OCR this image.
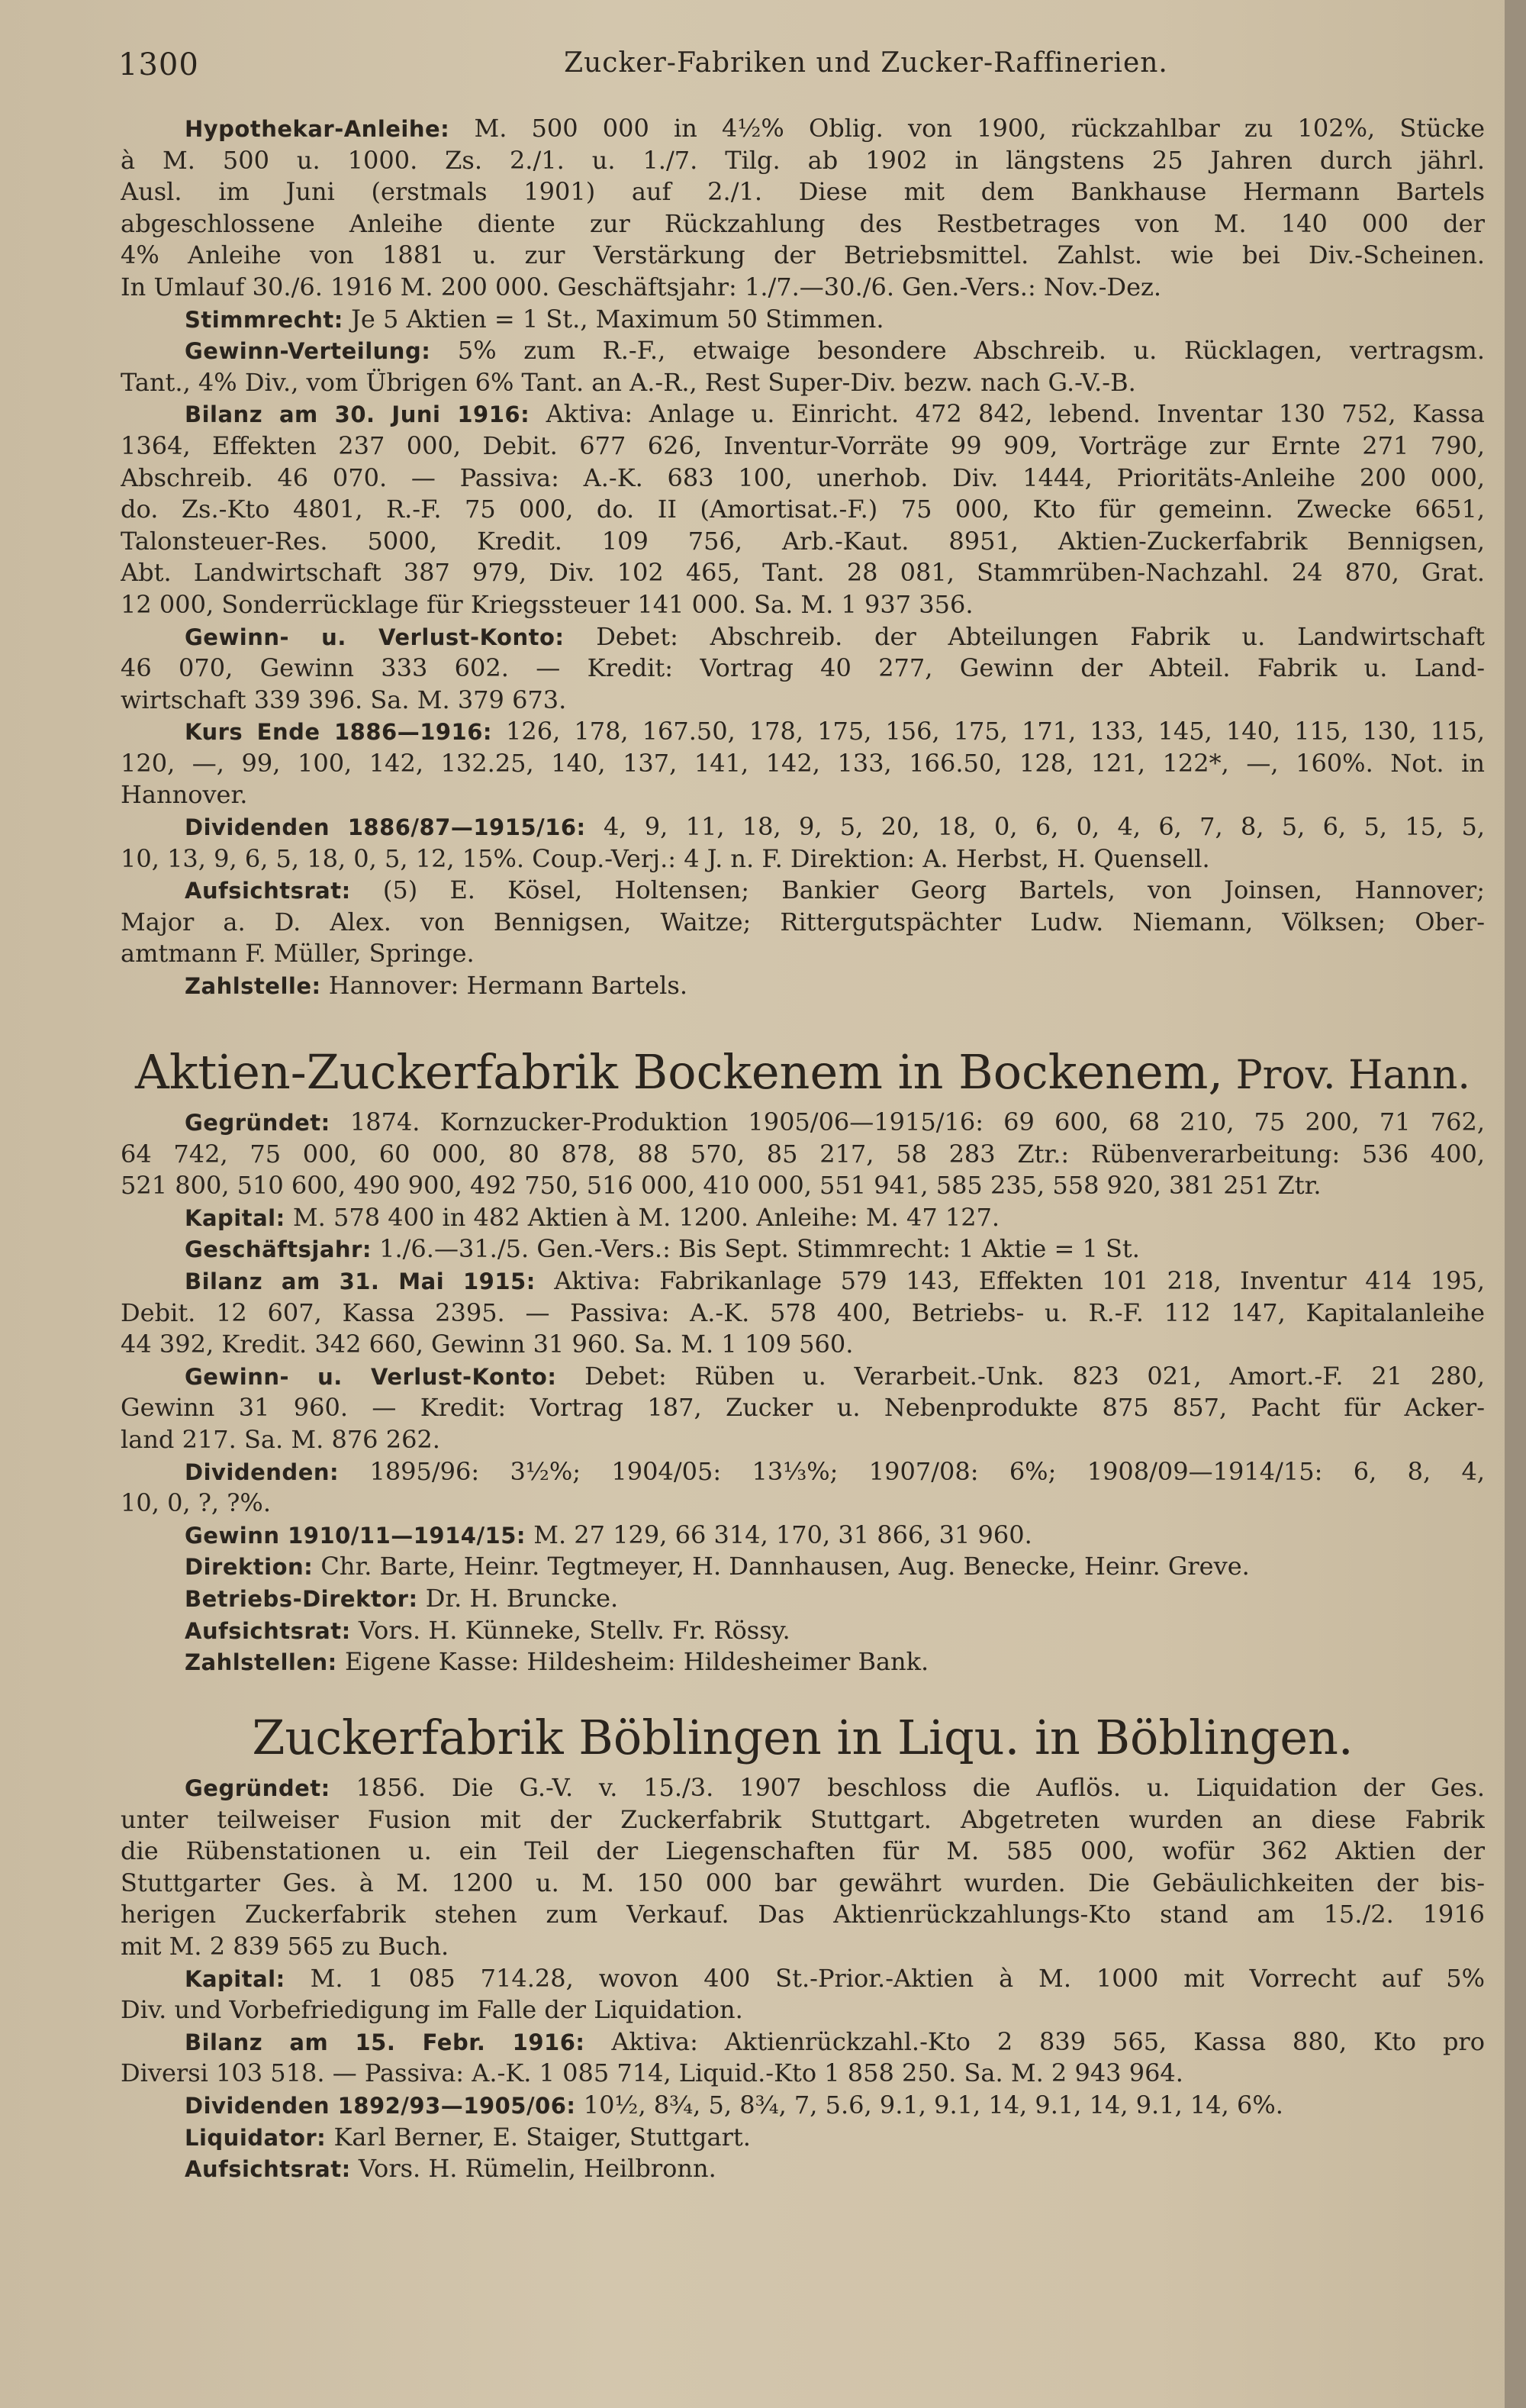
1300	Zucker-Fabriken und Zucker-Raffinerien.
Hypothekar-Anleihe: M. 500 000 in 4½% Oblig. von 1900, rückzahlbar zu 102%, Stücke
à M. 500 u. 1000. Zs. 2./1. u. 1./7. Tilg. ab 1902 in längstens 25 Jahren durch jährl.
Ausl. im Juni (erstmals 1901) auf 2./1. Diese mit dem Bankhause Hermann Bartels
abgeschlossene Anleihe diente zur Rückzahlung des Restbetrages von M. 140 000 der
4% Anleihe von 1881 u. zur Verstärkung der Betriebsmittel. Zahlst. wie bei Div.-Scheinen.
In Umlauf 30./6. 1916 M. 200 000. Geschäftsjahr: 1./7.—30./6. Gen.-Vers.: Nov.-Dez.
Stimmrecht: Je 5 Aktien = 1 St., Maximum 50 Stimmen.
Gewinn-Verteilung: 5% zum R.-F., etwaige besondere Abschreib. u. Rücklagen, vertragsm.
Tant., 4% Div., vom Übrigen 6% Tant. an A.-R., Rest Super-Div. bezw. nach G.-V.-B.
Bilanz am 30. Juni 1916: Aktiva: Anlage u. Einricht. 472 842, lebend. Inventar 130 752, Kassa
1364, Effekten 237 000, Debit. 677 626, Inventur-Vorräte 99 909, Vorträge zur Ernte 271 790,
Abschreib. 46 070. — Passiva: A.-K. 683 100, unerhob. Div. 1444, Prioritäts-Anleihe 200 000,
do. Zs.-Kto 4801, R.-F. 75 000, do. II (Amortisat.-F.) 75 000, Kto für gemeinn. Zwecke 6651,
Talonsteuer-Res. 5000, Kredit. 109 756, Arb.-Kaut. 8951, Aktien-Zuckerfabrik Bennigsen,
Abt. Landwirtschaft 387 979, Div. 102 465, Tant. 28 081, Stammrüben-Nachzahl. 24 870, Grat.
12 000, Sonderrücklage für Kriegssteuer 141 000. Sa. M. 1 937 356.
Gewinn- u. Verlust-Konto: Debet: Abschreib. der Abteilungen Fabrik u. Landwirtschaft
46 070, Gewinn 333 602. — Kredit: Vortrag 40 277, Gewinn der Abteil. Fabrik u. Land-
wirtschaft 339 396. Sa. M. 379 673.
Kurs Ende 1886—1916: 126, 178, 167.50, 178, 175, 156, 175, 171, 133, 145, 140, 115, 130, 115,
120, —, 99, 100, 142, 132.25, 140, 137, 141, 142, 133, 166.50, 128, 121, 122*, —, 160%. Not. in
Hannover.
Dividenden 1886/87—1915/16: 4, 9, 11, 18, 9, 5, 20, 18, 0, 6, 0, 4, 6, 7, 8, 5, 6, 5, 15, 5,
10, 13, 9, 6, 5, 18, 0, 5, 12, 15%. Coup.-Verj.: 4 J. n. F. Direktion: A. Herbst, H. Quensell.
Aufsichtsrat: (5) E. Kösel, Holtensen; Bankier Georg Bartels, von Joinsen, Hannover;
Major a. D. Alex. von Bennigsen, Waitze; Rittergutspächter Ludw. Niemann, Völksen; Ober-
amtmann F. Müller, Springe.
Zahlstelle: Hannover: Hermann Bartels.
Aktien-Zuckerfabrik Bockenem in Bockenem, Prov. Hann.
Gegründet: 1874. Kornzucker-Produktion 1905/06—1915/16: 69 600, 68 210, 75 200, 71 762,
64 742, 75 000, 60 000, 80 878, 88 570, 85 217, 58 283 Ztr.: Rübenverarbeitung: 536 400,
521 800, 510 600, 490 900, 492 750, 516 000, 410 000, 551 941, 585 235, 558 920, 381 251 Ztr.
Kapital: M. 578 400 in 482 Aktien à M. 1200. Anleihe: M. 47 127.
Geschäftsjahr: 1./6.—31./5. Gen.-Vers.: Bis Sept. Stimmrecht: 1 Aktie = 1 St.
Bilanz am 31. Mai 1915: Aktiva: Fabrikanlage 579 143, Effekten 101 218, Inventur 414 195,
Debit. 12 607, Kassa 2395. — Passiva: A.-K. 578 400, Betriebs- u. R.-F. 112 147, Kapitalanleihe
44 392, Kredit. 342 660, Gewinn 31 960. Sa. M. 1 109 560.
Gewinn- u. Verlust-Konto: Debet: Rüben u. Verarbeit.-Unk. 823 021, Amort.-F. 21 280,
Gewinn 31 960. — Kredit: Vortrag 187, Zucker u. Nebenprodukte 875 857, Pacht für Acker-
land 217. Sa. M. 876 262.
Dividenden: 1895/96: 3½%; 1904/05: 13⅓%; 1907/08: 6%; 1908/09—1914/15: 6, 8, 4,
10, 0, ?, ?%.
Gewinn 1910/11—1914/15: M. 27 129, 66 314, 170, 31 866, 31 960.
Direktion: Chr. Barte, Heinr. Tegtmeyer, H. Dannhausen, Aug. Benecke, Heinr. Greve.
Betriebs-Direktor: Dr. H. Bruncke.
Aufsichtsrat: Vors. H. Künneke, Stellv. Fr. Rössy.
Zahlstellen: Eigene Kasse: Hildesheim: Hildesheimer Bank.
Zuckerfabrik Böblingen in Liqu. in Böblingen.
Gegründet: 1856. Die G.-V. v. 15./3. 1907 beschloss die Auflös. u. Liquidation der Ges.
unter teilweiser Fusion mit der Zuckerfabrik Stuttgart. Abgetreten wurden an diese Fabrik
die Rübenstationen u. ein Teil der Liegenschaften für M. 585 000, wofür 362 Aktien der
Stuttgarter Ges. à M. 1200 u. M. 150 000 bar gewährt wurden. Die Gebäulichkeiten der bis-
herigen Zuckerfabrik stehen zum Verkauf. Das Aktienrückzahlungs-Kto stand am 15./2. 1916
mit M. 2 839 565 zu Buch.
Kapital: M. 1 085 714.28, wovon 400 St.-Prior.-Aktien à M. 1000 mit Vorrecht auf 5%
Div. und Vorbefriedigung im Falle der Liquidation.
Bilanz am 15. Febr. 1916: Aktiva: Aktienrückzahl.-Kto 2 839 565, Kassa 880, Kto pro
Diversi 103 518. — Passiva: A.-K. 1 085 714, Liquid.-Kto 1 858 250. Sa. M. 2 943 964.
Dividenden 1892/93—1905/06: 10½, 8¾, 5, 8¾, 7, 5.6, 9.1, 9.1, 14, 9.1, 14, 9.1, 14, 6%.
Liquidator: Karl Berner, E. Staiger, Stuttgart.
Aufsichtsrat: Vors. H. Rümelin, Heilbronn.
